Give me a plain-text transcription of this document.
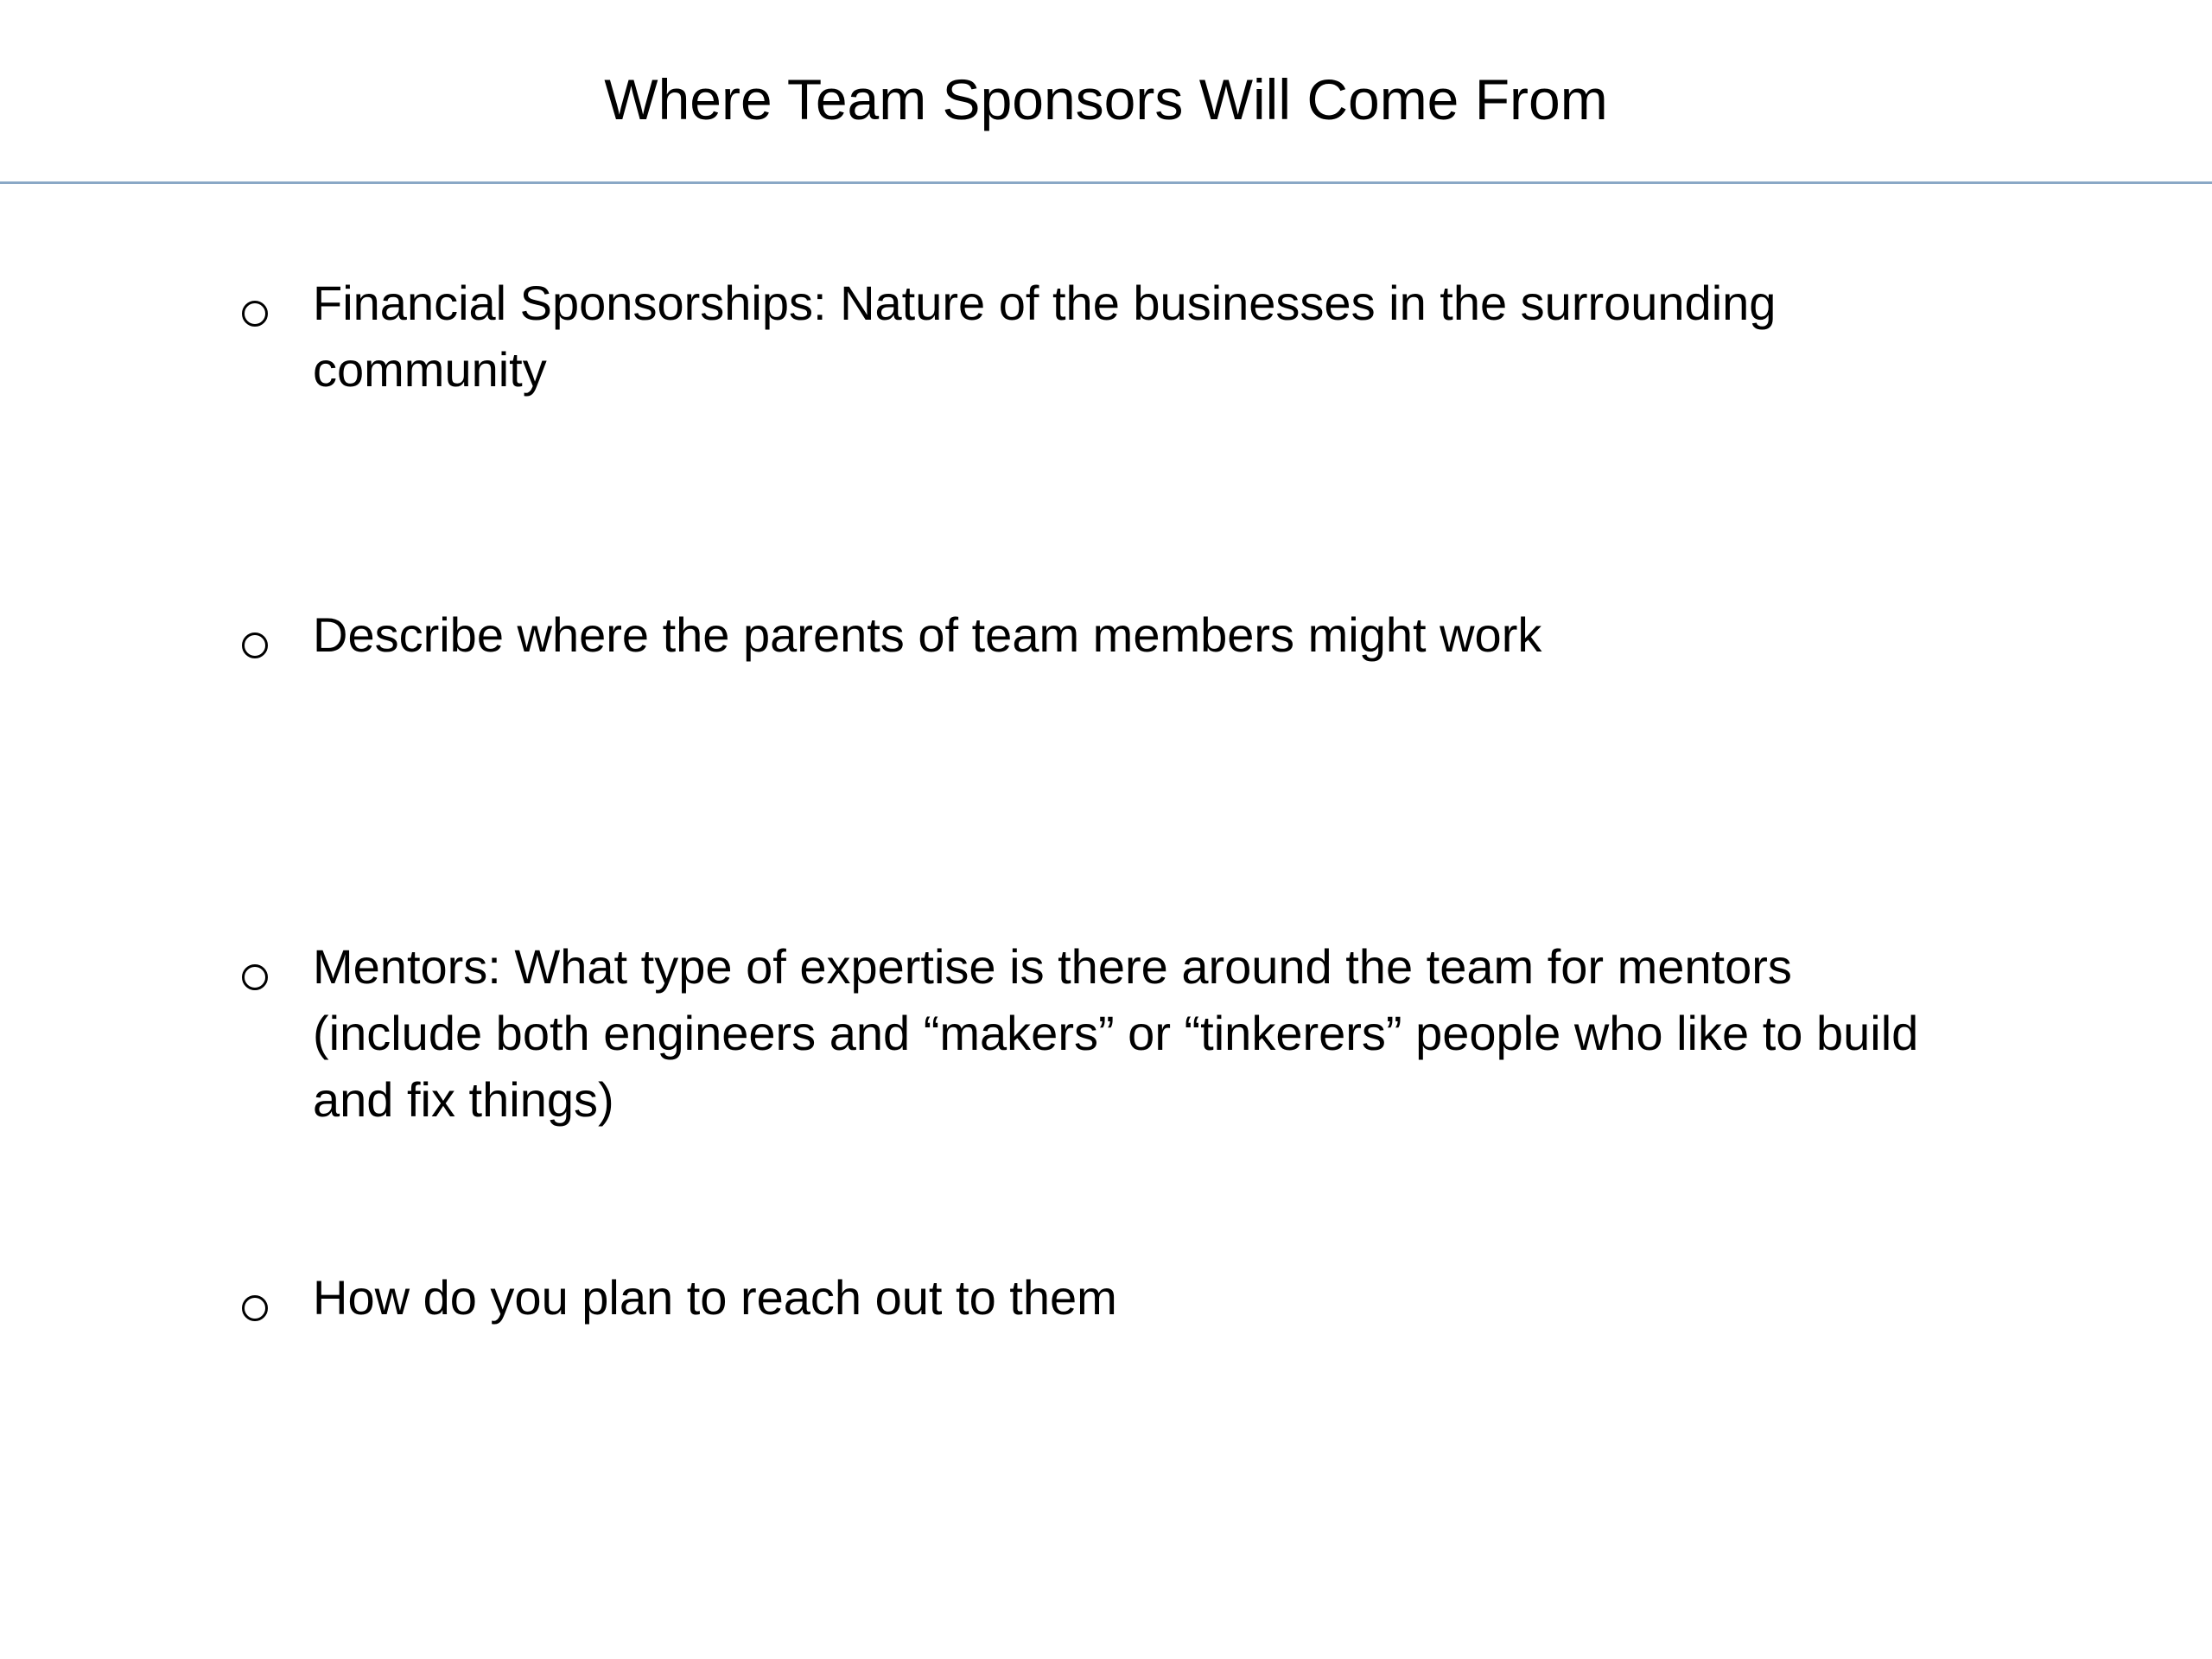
Where Team Sponsors Will Come From
Financial Sponsorships: Nature of the businesses in the surrounding community
Describe where the parents of team members might work
Mentors: What type of expertise is there around the team for mentors (include both engineers and “makers” or “tinkerers” people who like to build and fix things)
How do you plan to reach out to them
